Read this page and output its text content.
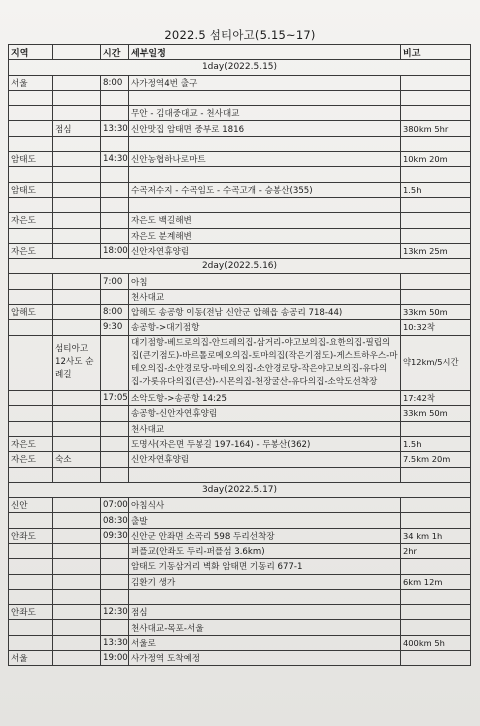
2022.5 섬티아고(5.15~17)
지역		시간	세부일정	비고
1day(2022.5.15)				
서울		8:00	사가정역4번 출구	

			무안 - 김대중대교 - 천사대교	
	점심	13:30	신안맛집 암태면 중부로 1816	380km 5hr

암태도		14:30	신안농협하나로마트	10km 20m

암태도			수곡저수지 - 수곡임도 - 수곡고개 - 승봉산(355)	1.5h

자은도			자은도 백길해변	
			자은도 분계해변	
자은도		18:00	신안자연휴양림	13km 25m
2day(2022.5.16)				
		7:00	아침	
			천사대교	
압해도		8:00	압해도 송공항 이동(전남 신안군 압해읍 송공리 718-44)	33km 50m
		9:30	송공항->대기점항	10:32착
	섬티아고 12사도 순례길		대기점항-베드로의집-안드레의집-삼거리-야고보의집-요한의집-필립의집(큰기점도)-바르톨로메오의집-토마의집(작은기점도)-게스트하우스-마테오의집-소안경로당-마테오의집-소안경로당-작은야고보의집-유다의집-가롯유다의집(큰산)-시몬의집-천장굴산-유다의집-소악도선착장	약12km/5시간
		17:05	소악도항->송공항 14:25	17:42착
			송공항-신안자연휴양림	33km 50m
			천사대교	
자은도			도명사(자은면 두봉길 197-164) - 두봉산(362)	1.5h
자은도	숙소		신안자연휴양림	7.5km 20m

3day(2022.5.17)				
신안		07:00	아침식사	
		08:30	출발	
안좌도		09:30	신안군 안좌면 소곡리 598 두리선착장	34 km 1h
			퍼플교(안좌도 두리-퍼플섬 3.6km)	2hr
			암태도 기동삼거리 벽화 암태면 기동리 677-1	
			김환기 생가	6km 12m

안좌도		12:30	점심	
			천사대교-목포-서울	
		13:30	서울로	400km 5h
서울		19:00	사가정역 도착예정	
